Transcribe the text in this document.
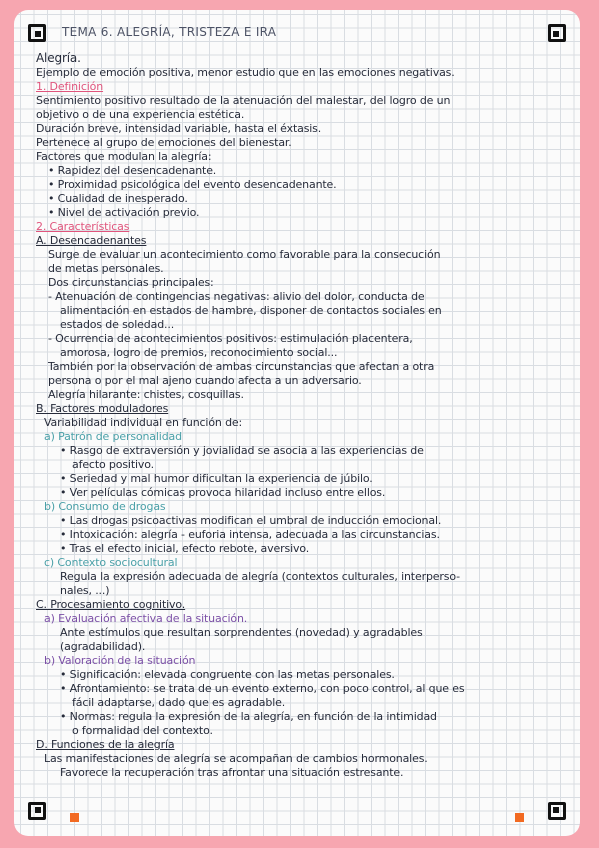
TEMA 6. ALEGRÍA, TRISTEZA E IRA
Alegría.
Ejemplo de emoción positiva, menor estudio que en las emociones negativas.
1. Definición
Sentimiento positivo resultado de la atenuación del malestar, del logro de un
objetivo o de una experiencia estética.
Duración breve, intensidad variable, hasta el éxtasis.
Pertenece al grupo de emociones del bienestar.
Factores que modulan la alegría:
• Rapidez del desencadenante.
• Proximidad psicológica del evento desencadenante.
• Cualidad de inesperado.
• Nivel de activación previo.
2. Características
A. Desencadenantes
Surge de evaluar un acontecimiento como favorable para la consecución
de metas personales.
Dos circunstancias principales:
- Atenuación de contingencias negativas: alivio del dolor, conducta de
alimentación en estados de hambre, disponer de contactos sociales en
estados de soledad...
- Ocurrencia de acontecimientos positivos: estimulación placentera,
amorosa, logro de premios, reconocimiento social...
También por la observación de ambas circunstancias que afectan a otra
persona o por el mal ajeno cuando afecta a un adversario.
Alegría hilarante: chistes, cosquillas.
B. Factores moduladores
Variabilidad individual en función de:
a) Patrón de personalidad
• Rasgo de extraversión y jovialidad se asocia a las experiencias de
afecto positivo.
• Seriedad y mal humor dificultan la experiencia de júbilo.
• Ver películas cómicas provoca hilaridad incluso entre ellos.
b) Consumo de drogas
• Las drogas psicoactivas modifican el umbral de inducción emocional.
• Intoxicación: alegría - euforia intensa, adecuada a las circunstancias.
• Tras el efecto inicial, efecto rebote, aversivo.
c) Contexto sociocultural
Regula la expresión adecuada de alegría (contextos culturales, interperso-
nales, ...)
C. Procesamiento cognitivo.
a) Evaluación afectiva de la situación.
Ante estímulos que resultan sorprendentes (novedad) y agradables
(agradabilidad).
b) Valoración de la situación
• Significación: elevada congruente con las metas personales.
• Afrontamiento: se trata de un evento externo, con poco control, al que es
fácil adaptarse, dado que es agradable.
• Normas: regula la expresión de la alegría, en función de la intimidad
o formalidad del contexto.
D. Funciones de la alegría
Las manifestaciones de alegría se acompañan de cambios hormonales.
Favorece la recuperación tras afrontar una situación estresante.
